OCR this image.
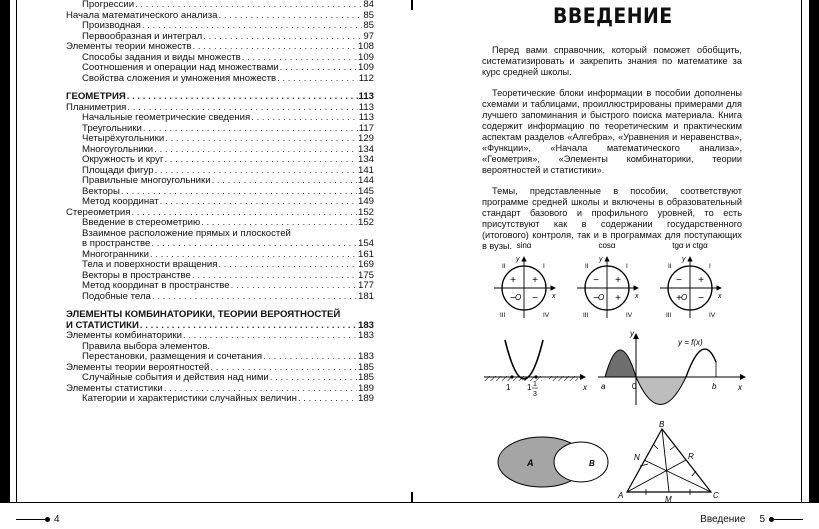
Прогрессии . . .	84
Начала математического анализа . . .	85
Производная . . .	85
Первообразная и интеграл . . .	97
Элементы теории множеств . . .	108
Способы задания и виды множеств . . .	109
Соотношения и операции над множествами . . .	109
Свойства сложения и умножения множеств . . .	112
ГЕОМЕТРИЯ . . .	113
Планиметрия . . .	113
Начальные геометрические сведения . . .	113
Треугольники . . .	117
Четырёхугольники . . .	129
Многоугольники . . .	134
Окружность и круг . . .	134
Площади фигур . . .	141
Правильные многоугольники . . .	144
Векторы . . .	145
Метод координат . . .	149
Стереометрия . . .	152
Введение в стереометрию . . .	152
Взаимное расположение прямых и плоскостей
в пространстве . . .	154
Многогранники . . .	161
Тела и поверхности вращения . . .	169
Векторы в пространстве . . .	175
Метод координат в пространстве . . .	177
Подобные тела . . .	181
ЭЛЕМЕНТЫ КОМБИНАТОРИКИ, ТЕОРИИ ВЕРОЯТНОСТЕЙ
И СТАТИСТИКИ . . .	183
Элементы комбинаторики . . .	183
Правила выбора элементов.
Перестановки, размещения и сочетания . . .	183
Элементы теории вероятностей . . .	185
Случайные события и действия над ними . . .	185
Элементы статистики . . .	189
Категории и характеристики случайных величин . . .	189
4	Введение 5
ВВЕДЕНИЕ

Перед вами справочник, который поможет обобщить, систематизировать и закрепить знания по математике за курс средней школы.

Теоретические блоки информации в пособии дополнены схемами и таблицами, проиллюстрированы примерами для лучшего запоминания и быстрого поиска материала. Книга содержит информацию по теоретическим и практическим аспектам разделов «Алгебра», «Уравнения и неравенства», «Функции», «Начала математического анализа», «Геометрия», «Элементы комбинаторики, теории вероятностей и статистики».

Темы, представленные в пособии, соответствуют программе средней школы и включены в образовательный стандарт базового и профильного уровней, то есть присутствуют как в содержании государственного (итогового) контроля, так и в программах для поступающих в вузы. sinα
x
y
O
+
II
+
I
−
III
−
IV
cosα
x
y
O
−
II
+
I
−
III
+
IV
tgα и ctgα
x
y
O
−
II
+
I
+
III
−
IV
1 1 1
3
x
y
y = f(x)
a	0	b	x
A	B
A
B
C
N	R
M
